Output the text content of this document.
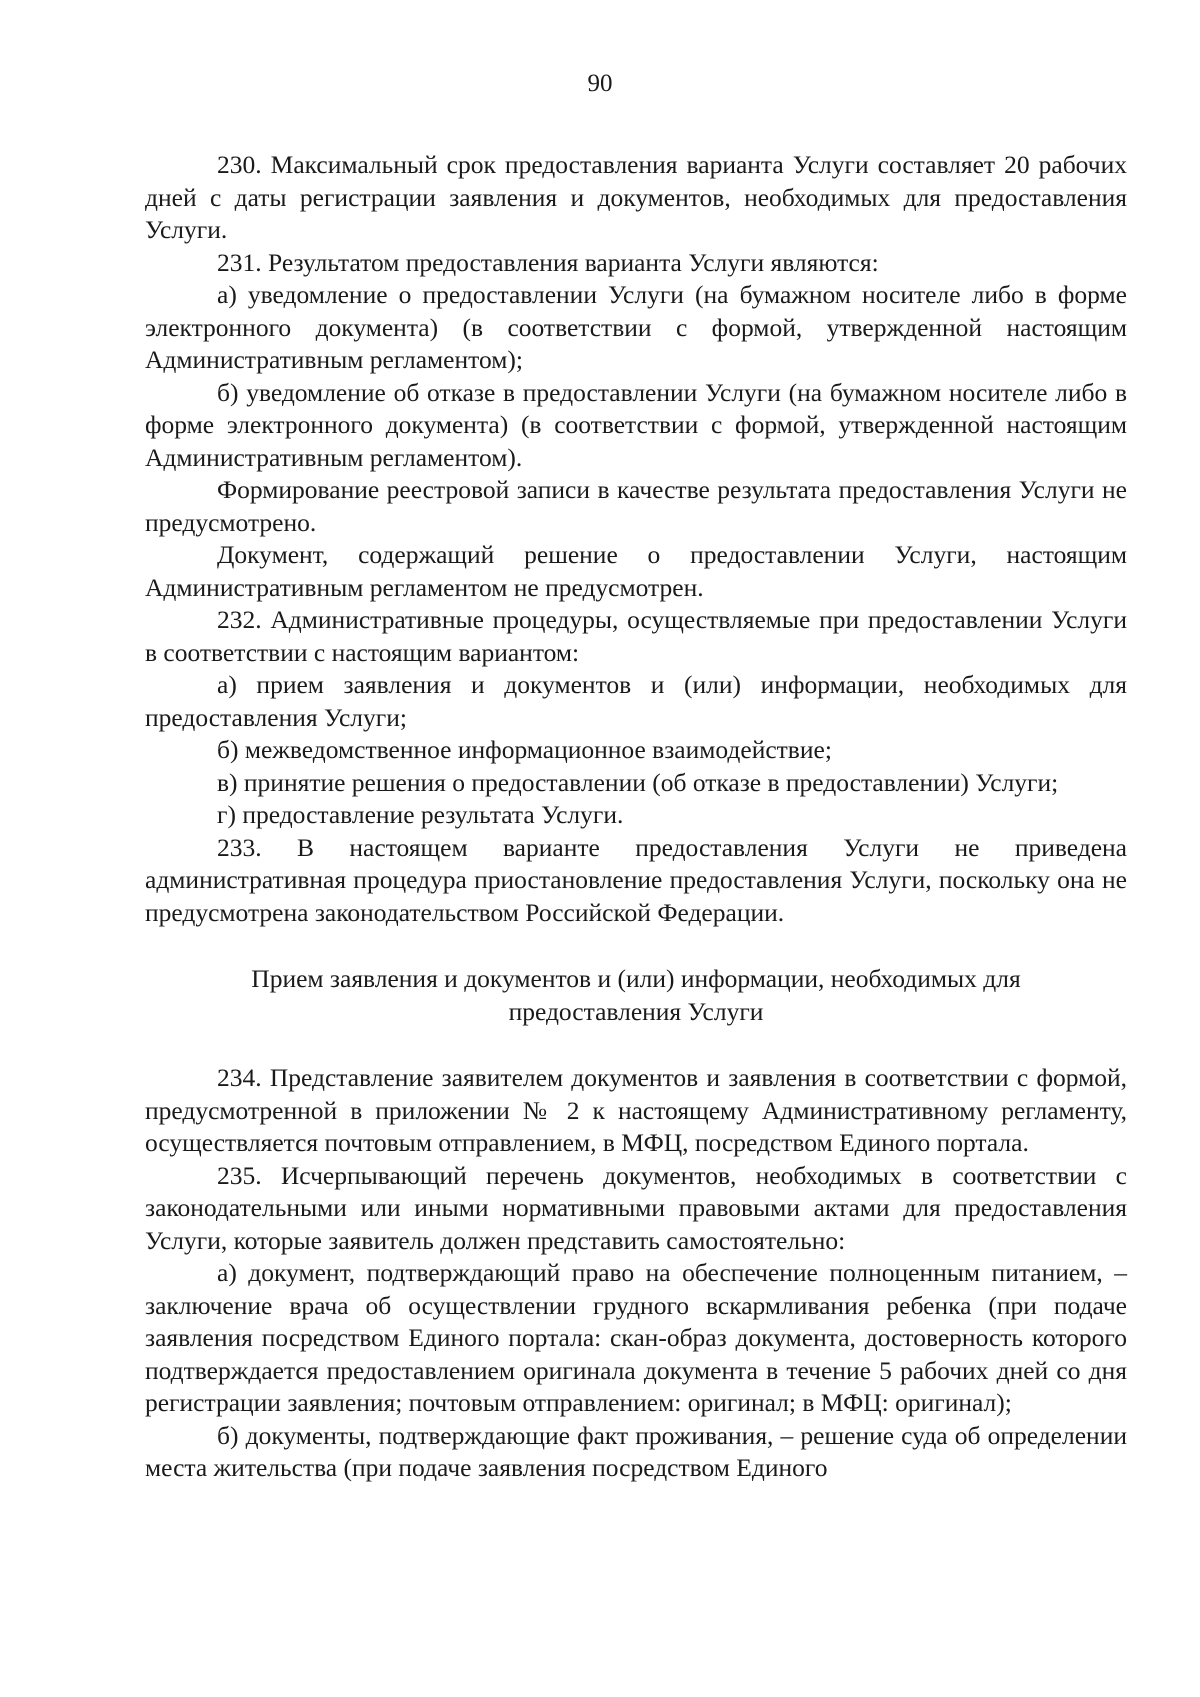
90

230. Максимальный срок предоставления варианта Услуги составляет 20 рабочих дней с даты регистрации заявления и документов, необходимых для предоставления Услуги.

231. Результатом предоставления варианта Услуги являются:

а) уведомление о предоставлении Услуги (на бумажном носителе либо в форме электронного документа) (в соответствии с формой, утвержденной настоящим Административным регламентом);

б) уведомление об отказе в предоставлении Услуги (на бумажном носителе либо в форме электронного документа) (в соответствии с формой, утвержденной настоящим Административным регламентом).

Формирование реестровой записи в качестве результата предоставления Услуги не предусмотрено.

Документ, содержащий решение о предоставлении Услуги, настоящим Административным регламентом не предусмотрен.

232. Административные процедуры, осуществляемые при предоставлении Услуги в соответствии с настоящим вариантом:

а) прием заявления и документов и (или) информации, необходимых для предоставления Услуги;

б) межведомственное информационное взаимодействие;

в) принятие решения о предоставлении (об отказе в предоставлении) Услуги;

г) предоставление результата Услуги.

233. В настоящем варианте предоставления Услуги не приведена административная процедура приостановление предоставления Услуги, поскольку она не предусмотрена законодательством Российской Федерации.

Прием заявления и документов и (или) информации, необходимых для предоставления Услуги

234. Представление заявителем документов и заявления в соответствии с формой, предусмотренной в приложении № 2 к настоящему Административному регламенту, осуществляется почтовым отправлением, в МФЦ, посредством Единого портала.

235. Исчерпывающий перечень документов, необходимых в соответствии с законодательными или иными нормативными правовыми актами для предоставления Услуги, которые заявитель должен представить самостоятельно:

а) документ, подтверждающий право на обеспечение полноценным питанием, – заключение врача об осуществлении грудного вскармливания ребенка (при подаче заявления посредством Единого портала: скан-образ документа, достоверность которого подтверждается предоставлением оригинала документа в течение 5 рабочих дней со дня регистрации заявления; почтовым отправлением: оригинал; в МФЦ: оригинал);

б) документы, подтверждающие факт проживания, – решение суда об определении места жительства (при подаче заявления посредством Единого
